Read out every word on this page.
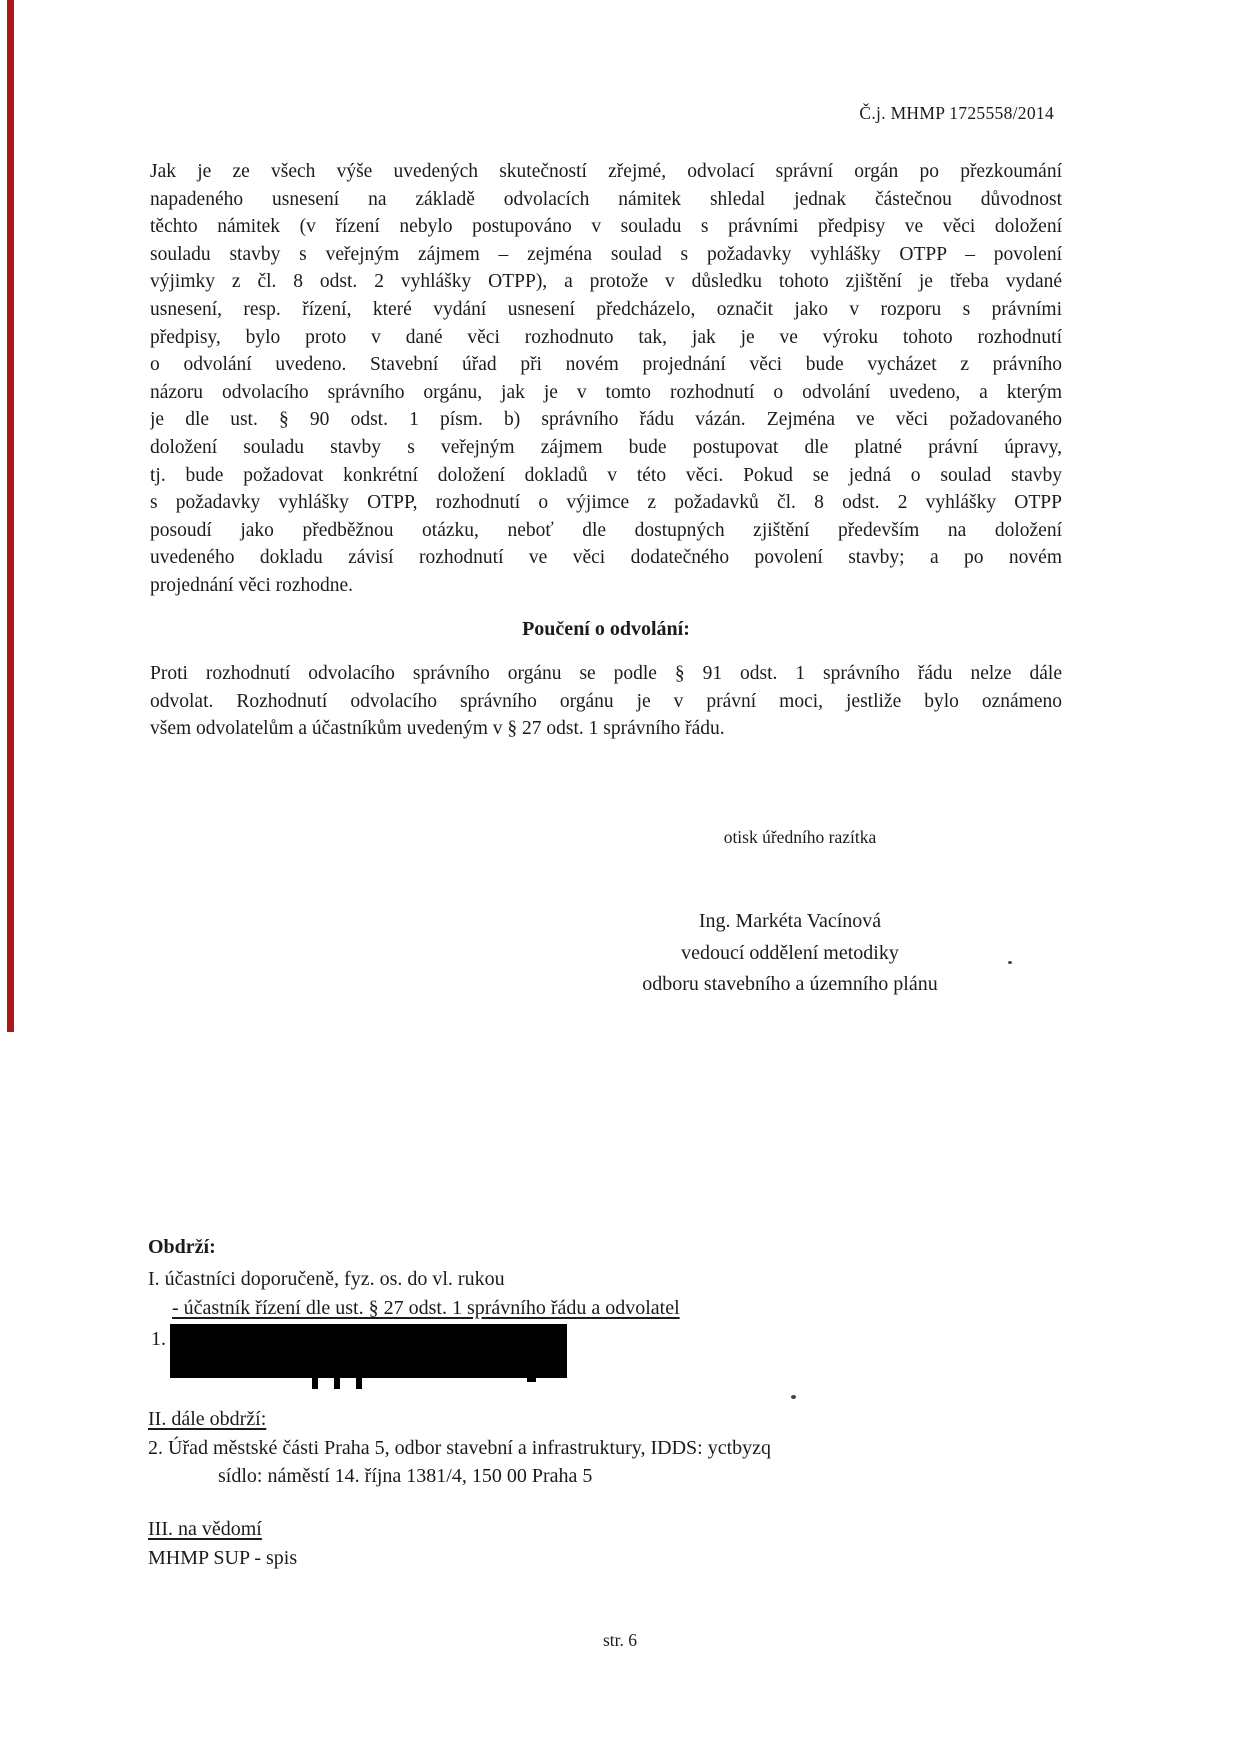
Č.j. MHMP 1725558/2014
Jak je ze všech výše uvedených skutečností zřejmé, odvolací správní orgán po přezkoumání
napadeného usnesení na základě odvolacích námitek shledal jednak částečnou důvodnost
těchto námitek (v řízení nebylo postupováno v souladu s právními předpisy ve věci doložení
souladu stavby s veřejným zájmem – zejména soulad s požadavky vyhlášky OTPP – povolení
výjimky z čl. 8 odst. 2 vyhlášky OTPP), a protože v důsledku tohoto zjištění je třeba vydané
usnesení, resp. řízení, které vydání usnesení předcházelo, označit jako v rozporu s právními
předpisy, bylo proto v dané věci rozhodnuto tak, jak je ve výroku tohoto rozhodnutí
o odvolání uvedeno. Stavební úřad při novém projednání věci bude vycházet z právního
názoru odvolacího správního orgánu, jak je v tomto rozhodnutí o odvolání uvedeno, a kterým
je dle ust. § 90 odst. 1 písm. b) správního řádu vázán. Zejména ve věci požadovaného
doložení souladu stavby s veřejným zájmem bude postupovat dle platné právní úpravy,
tj. bude požadovat konkrétní doložení dokladů v této věci. Pokud se jedná o soulad stavby
s požadavky vyhlášky OTPP, rozhodnutí o výjimce z požadavků čl. 8 odst. 2 vyhlášky OTPP
posoudí jako předběžnou otázku, neboť dle dostupných zjištění především na doložení
uvedeného dokladu závisí rozhodnutí ve věci dodatečného povolení stavby; a po novém
projednání věci rozhodne.
Poučení o odvolání:
Proti rozhodnutí odvolacího správního orgánu se podle § 91 odst. 1 správního řádu nelze dále
odvolat. Rozhodnutí odvolacího správního orgánu je v právní moci, jestliže bylo oznámeno
všem odvolatelům a účastníkům uvedeným v § 27 odst. 1 správního řádu.
otisk úředního razítka
Ing. Markéta Vacínová
vedoucí oddělení metodiky
odboru stavebního a územního plánu
Obdrží:
I. účastníci doporučeně, fyz. os. do vl. rukou
- účastník řízení dle ust. § 27 odst. 1 správního řádu a odvolatel
1.
II. dále obdrží:
2. Úřad městské části Praha 5, odbor stavební a infrastruktury, IDDS: yctbyzq
sídlo: náměstí 14. října 1381/4, 150 00 Praha 5
III. na vědomí
MHMP SUP - spis
str. 6
